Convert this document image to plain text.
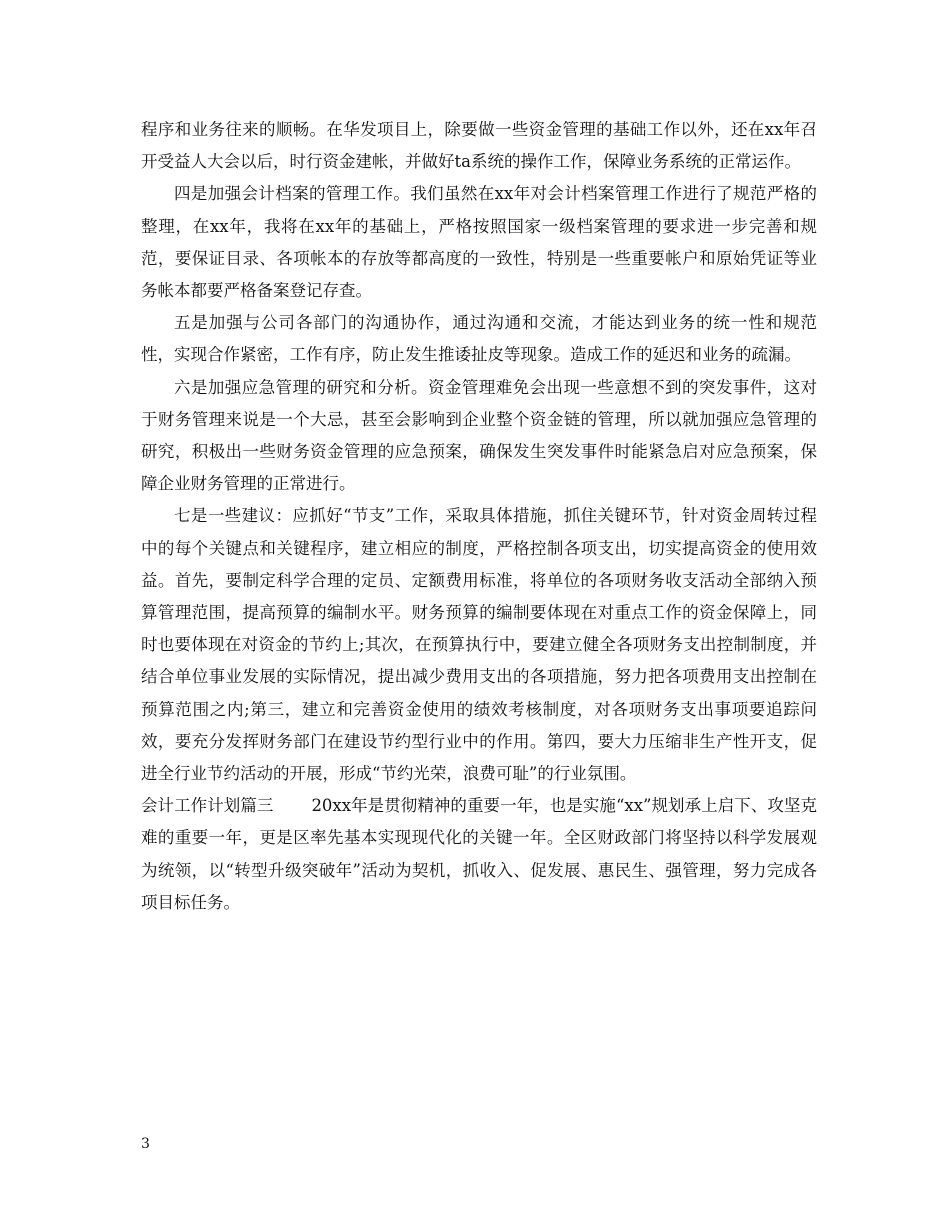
程序和业务往来的顺畅。在华发项目上，除要做一些资金管理的基础工作以外，还在xx年召开受益人大会以后，时行资金建帐，并做好ta系统的操作工作，保障业务系统的正常运作。

四是加强会计档案的管理工作。我们虽然在xx年对会计档案管理工作进行了规范严格的整理，在xx年，我将在xx年的基础上，严格按照国家一级档案管理的要求进一步完善和规范，要保证目录、各项帐本的存放等都高度的一致性，特别是一些重要帐户和原始凭证等业务帐本都要严格备案登记存查。

五是加强与公司各部门的沟通协作，通过沟通和交流，才能达到业务的统一性和规范性，实现合作紧密，工作有序，防止发生推诿扯皮等现象。造成工作的延迟和业务的疏漏。

六是加强应急管理的研究和分析。资金管理难免会出现一些意想不到的突发事件，这对于财务管理来说是一个大忌，甚至会影响到企业整个资金链的管理，所以就加强应急管理的研究，积极出一些财务资金管理的应急预案，确保发生突发事件时能紧急启对应急预案，保障企业财务管理的正常进行。

七是一些建议：应抓好“节支”工作，采取具体措施，抓住关键环节，针对资金周转过程中的每个关键点和关键程序，建立相应的制度，严格控制各项支出，切实提高资金的使用效益。首先，要制定科学合理的定员、定额费用标准，将单位的各项财务收支活动全部纳入预算管理范围，提高预算的编制水平。财务预算的编制要体现在对重点工作的资金保障上，同时也要体现在对资金的节约上;其次，在预算执行中，要建立健全各项财务支出控制制度，并结合单位事业发展的实际情况，提出减少费用支出的各项措施，努力把各项费用支出控制在预算范围之内;第三，建立和完善资金使用的绩效考核制度，对各项财务支出事项要追踪问效，要充分发挥财务部门在建设节约型行业中的作用。第四，要大力压缩非生产性开支，促进全行业节约活动的开展，形成“节约光荣，浪费可耻”的行业氛围。

会计工作计划篇三 20xx年是贯彻精神的重要一年，也是实施“xx”规划承上启下、攻坚克难的重要一年，更是区率先基本实现现代化的关键一年。全区财政部门将坚持以科学发展观为统领，以“转型升级突破年”活动为契机，抓收入、促发展、惠民生、强管理，努力完成各项目标任务。

3
